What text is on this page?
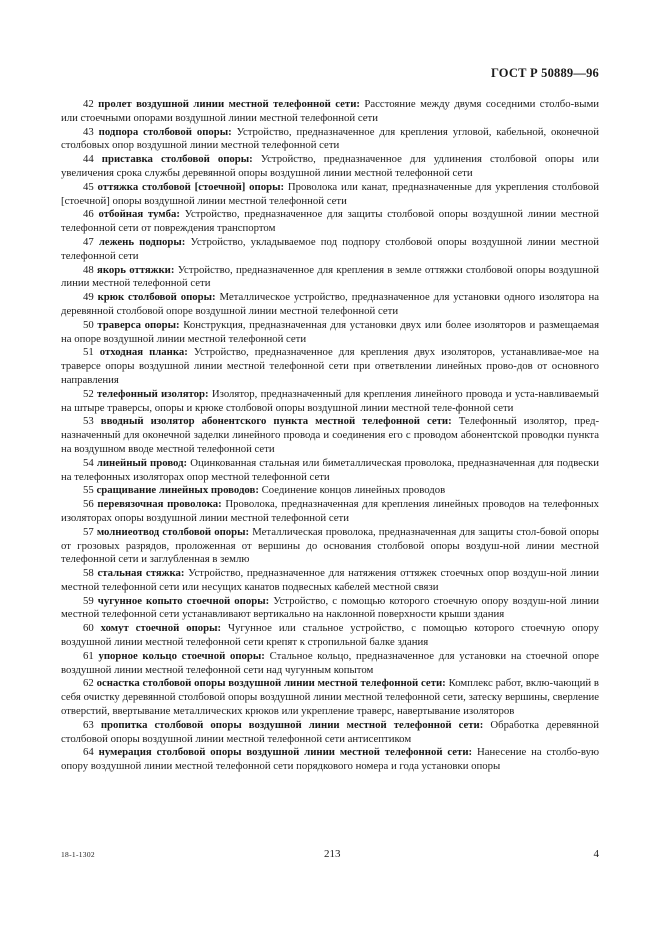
ГОСТ Р 50889—96

42 пролет воздушной линии местной телефонной сети: Расстояние между двумя соседними столбо-выми или стоечными опорами воздушной линии местной телефонной сети

43 подпора столбовой опоры: Устройство, предназначенное для крепления угловой, кабельной, оконечной столбовых опор воздушной линии местной телефонной сети

44 приставка столбовой опоры: Устройство, предназначенное для удлинения столбовой опоры или увеличения срока службы деревянной опоры воздушной линии местной телефонной сети

45 оттяжка столбовой [стоечной] опоры: Проволока или канат, предназначенные для укрепления столбовой [стоечной] опоры воздушной линии местной телефонной сети

46 отбойная тумба: Устройство, предназначенное для защиты столбовой опоры воздушной линии местной телефонной сети от повреждения транспортом

47 лежень подпоры: Устройство, укладываемое под подпору столбовой опоры воздушной линии местной телефонной сети

48 якорь оттяжки: Устройство, предназначенное для крепления в земле оттяжки столбовой опоры воздушной линии местной телефонной сети

49 крюк столбовой опоры: Металлическое устройство, предназначенное для установки одного изолятора на деревянной столбовой опоре воздушной линии местной телефонной сети

50 траверса опоры: Конструкция, предназначенная для установки двух или более изоляторов и размещаемая на опоре воздушной линии местной телефонной сети

51 отходная планка: Устройство, предназначенное для крепления двух изоляторов, устанавливае-мое на траверсе опоры воздушной линии местной телефонной сети при ответвлении линейных прово-дов от основного направления

52 телефонный изолятор: Изолятор, предназначенный для крепления линейного провода и уста-навливаемый на штыре траверсы, опоры и крюке столбовой опоры воздушной линии местной теле-фонной сети

53 вводный изолятор абонентского пункта местной телефонной сети: Телефонный изолятор, пред-назначенный для оконечной заделки линейного провода и соединения его с проводом абонентской проводки пункта на воздушном вводе местной телефонной сети

54 линейный провод: Оцинкованная стальная или биметаллическая проволока, предназначенная для подвески на телефонных изоляторах опор местной телефонной сети

55 сращивание линейных проводов: Соединение концов линейных проводов

56 перевязочная проволока: Проволока, предназначенная для крепления линейных проводов на телефонных изоляторах опоры воздушной линии местной телефонной сети

57 молниеотвод столбовой опоры: Металлическая проволока, предназначенная для защиты стол-бовой опоры от грозовых разрядов, проложенная от вершины до основания столбовой опоры воздуш-ной линии местной телефонной сети и заглубленная в землю

58 стальная стяжка: Устройство, предназначенное для натяжения оттяжек стоечных опор воздуш-ной линии местной телефонной сети или несущих канатов подвесных кабелей местной связи

59 чугунное копыто стоечной опоры: Устройство, с помощью которого стоечную опору воздуш-ной линии местной телефонной сети устанавливают вертикально на наклонной поверхности крыши здания

60 хомут стоечной опоры: Чугунное или стальное устройство, с помощью которого стоечную опору воздушной линии местной телефонной сети крепят к стропильной балке здания

61 упорное кольцо стоечной опоры: Стальное кольцо, предназначенное для установки на стоечной опоре воздушной линии местной телефонной сети над чугунным копытом

62 оснастка столбовой опоры воздушной линии местной телефонной сети: Комплекс работ, вклю-чающий в себя очистку деревянной столбовой опоры воздушной линии местной телефонной сети, затеску вершины, сверление отверстий, ввертывание металлических крюков или укрепление траверс, навертывание изоляторов

63 пропитка столбовой опоры воздушной линии местной телефонной сети: Обработка деревянной столбовой опоры воздушной линии местной телефонной сети антисептиком

64 нумерация столбовой опоры воздушной линии местной телефонной сети: Нанесение на столбо-вую опору воздушной линии местной телефонной сети порядкового номера и года установки опоры

18-1-1302	213	4
